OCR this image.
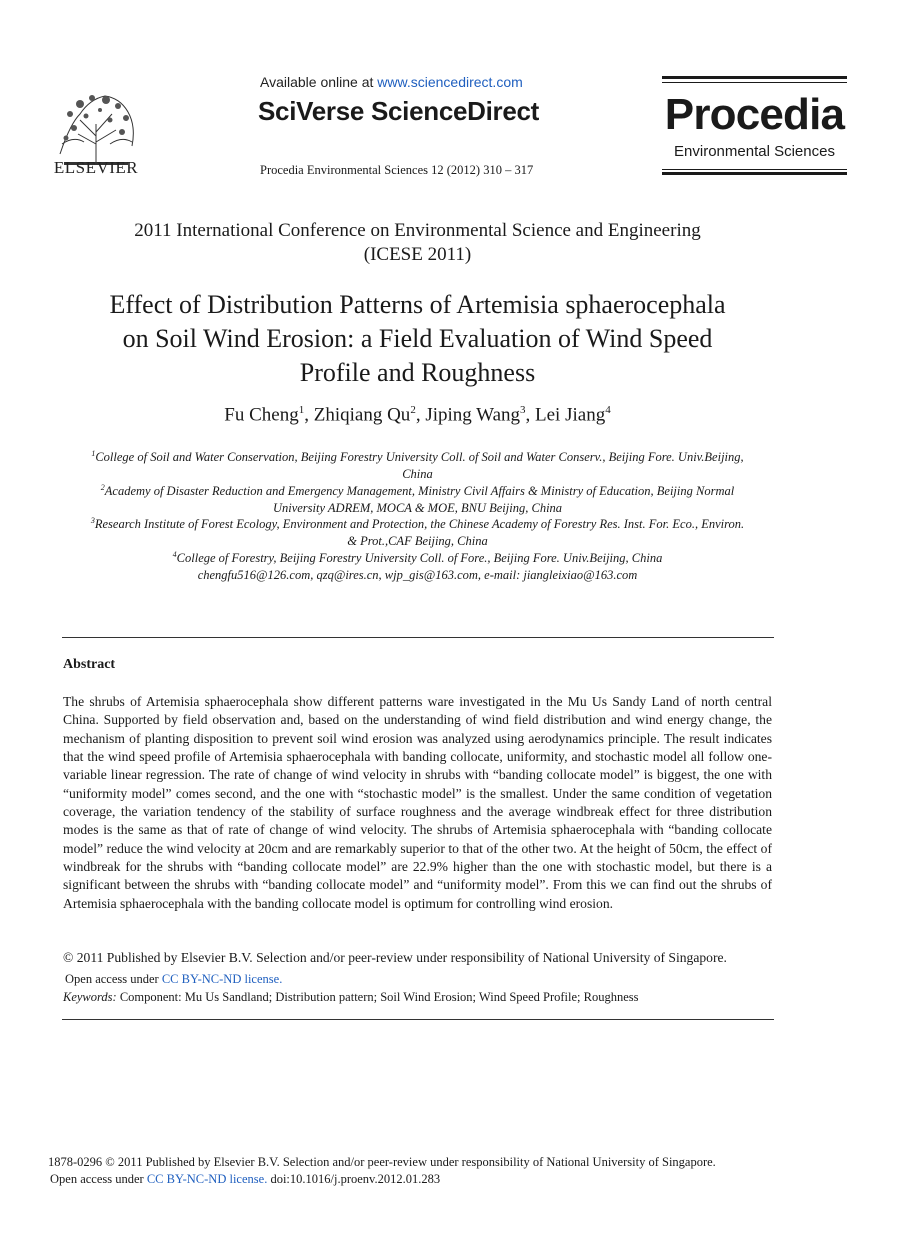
ELSEVIER
Available online at www.sciencedirect.com
SciVerse ScienceDirect
Procedia Environmental Sciences 12 (2012) 310 – 317
Procedia
Environmental Sciences
2011 International Conference on Environmental Science and Engineering
(ICESE 2011)
Effect of Distribution Patterns of Artemisia sphaerocephala
on Soil Wind Erosion: a Field Evaluation of Wind Speed
Profile and Roughness
Fu Cheng$^1$, Zhiqiang Qu$^2$, Jiping Wang$^3$, Lei Jiang$^4$
$^1$College of Soil and Water Conservation, Beijing Forestry University Coll. of Soil and Water Conserv., Beijing Fore. Univ.Beijing,
China
$^2$Academy of Disaster Reduction and Emergency Management, Ministry Civil Affairs & Ministry of Education, Beijing Normal
University ADREM, MOCA & MOE, BNU Beijing, China
$^3$Research Institute of Forest Ecology, Environment and Protection, the Chinese Academy of Forestry Res. Inst. For. Eco., Environ.
& Prot.,CAF Beijing, China
$^4$College of Forestry, Beijing Forestry University Coll. of Fore., Beijing Fore. Univ.Beijing, China
chengfu516@126.com, qzq@ires.cn, wjp_gis@163.com, e-mail: jiangleixiao@163.com
Abstract
The shrubs of Artemisia sphaerocephala show different patterns ware investigated in the Mu Us Sandy Land of north central China. Supported by field observation and, based on the understanding of wind field distribution and wind energy change, the mechanism of planting disposition to prevent soil wind erosion was analyzed using aerodynamics principle. The result indicates that the wind speed profile of Artemisia sphaerocephala with banding collocate, uniformity, and stochastic model all follow one-variable linear regression. The rate of change of wind velocity in shrubs with “banding collocate model” is biggest, the one with “uniformity model” comes second, and the one with “stochastic model” is the smallest. Under the same condition of vegetation coverage, the variation tendency of the stability of surface roughness and the average windbreak effect for three distribution modes is the same as that of rate of change of wind velocity. The shrubs of Artemisia sphaerocephala with “banding collocate model” reduce the wind velocity at 20cm and are remarkably superior to that of the other two. At the height of 50cm, the effect of windbreak for the shrubs with “banding collocate model” are 22.9% higher than the one with stochastic model, but there is a significant between the shrubs with “banding collocate model” and “uniformity model”. From this we can find out the shrubs of Artemisia sphaerocephala with the banding collocate model is optimum for controlling wind erosion.
© 2011 Published by Elsevier B.V. Selection and/or peer-review under responsibility of National University of Singapore.
Open access under CC BY-NC-ND license.
Keywords: Component: Mu Us Sandland; Distribution pattern; Soil Wind Erosion; Wind Speed Profile; Roughness
1878-0296 © 2011 Published by Elsevier B.V. Selection and/or peer-review under responsibility of National University of Singapore.
Open access under CC BY-NC-ND license. doi:10.1016/j.proenv.2012.01.283
